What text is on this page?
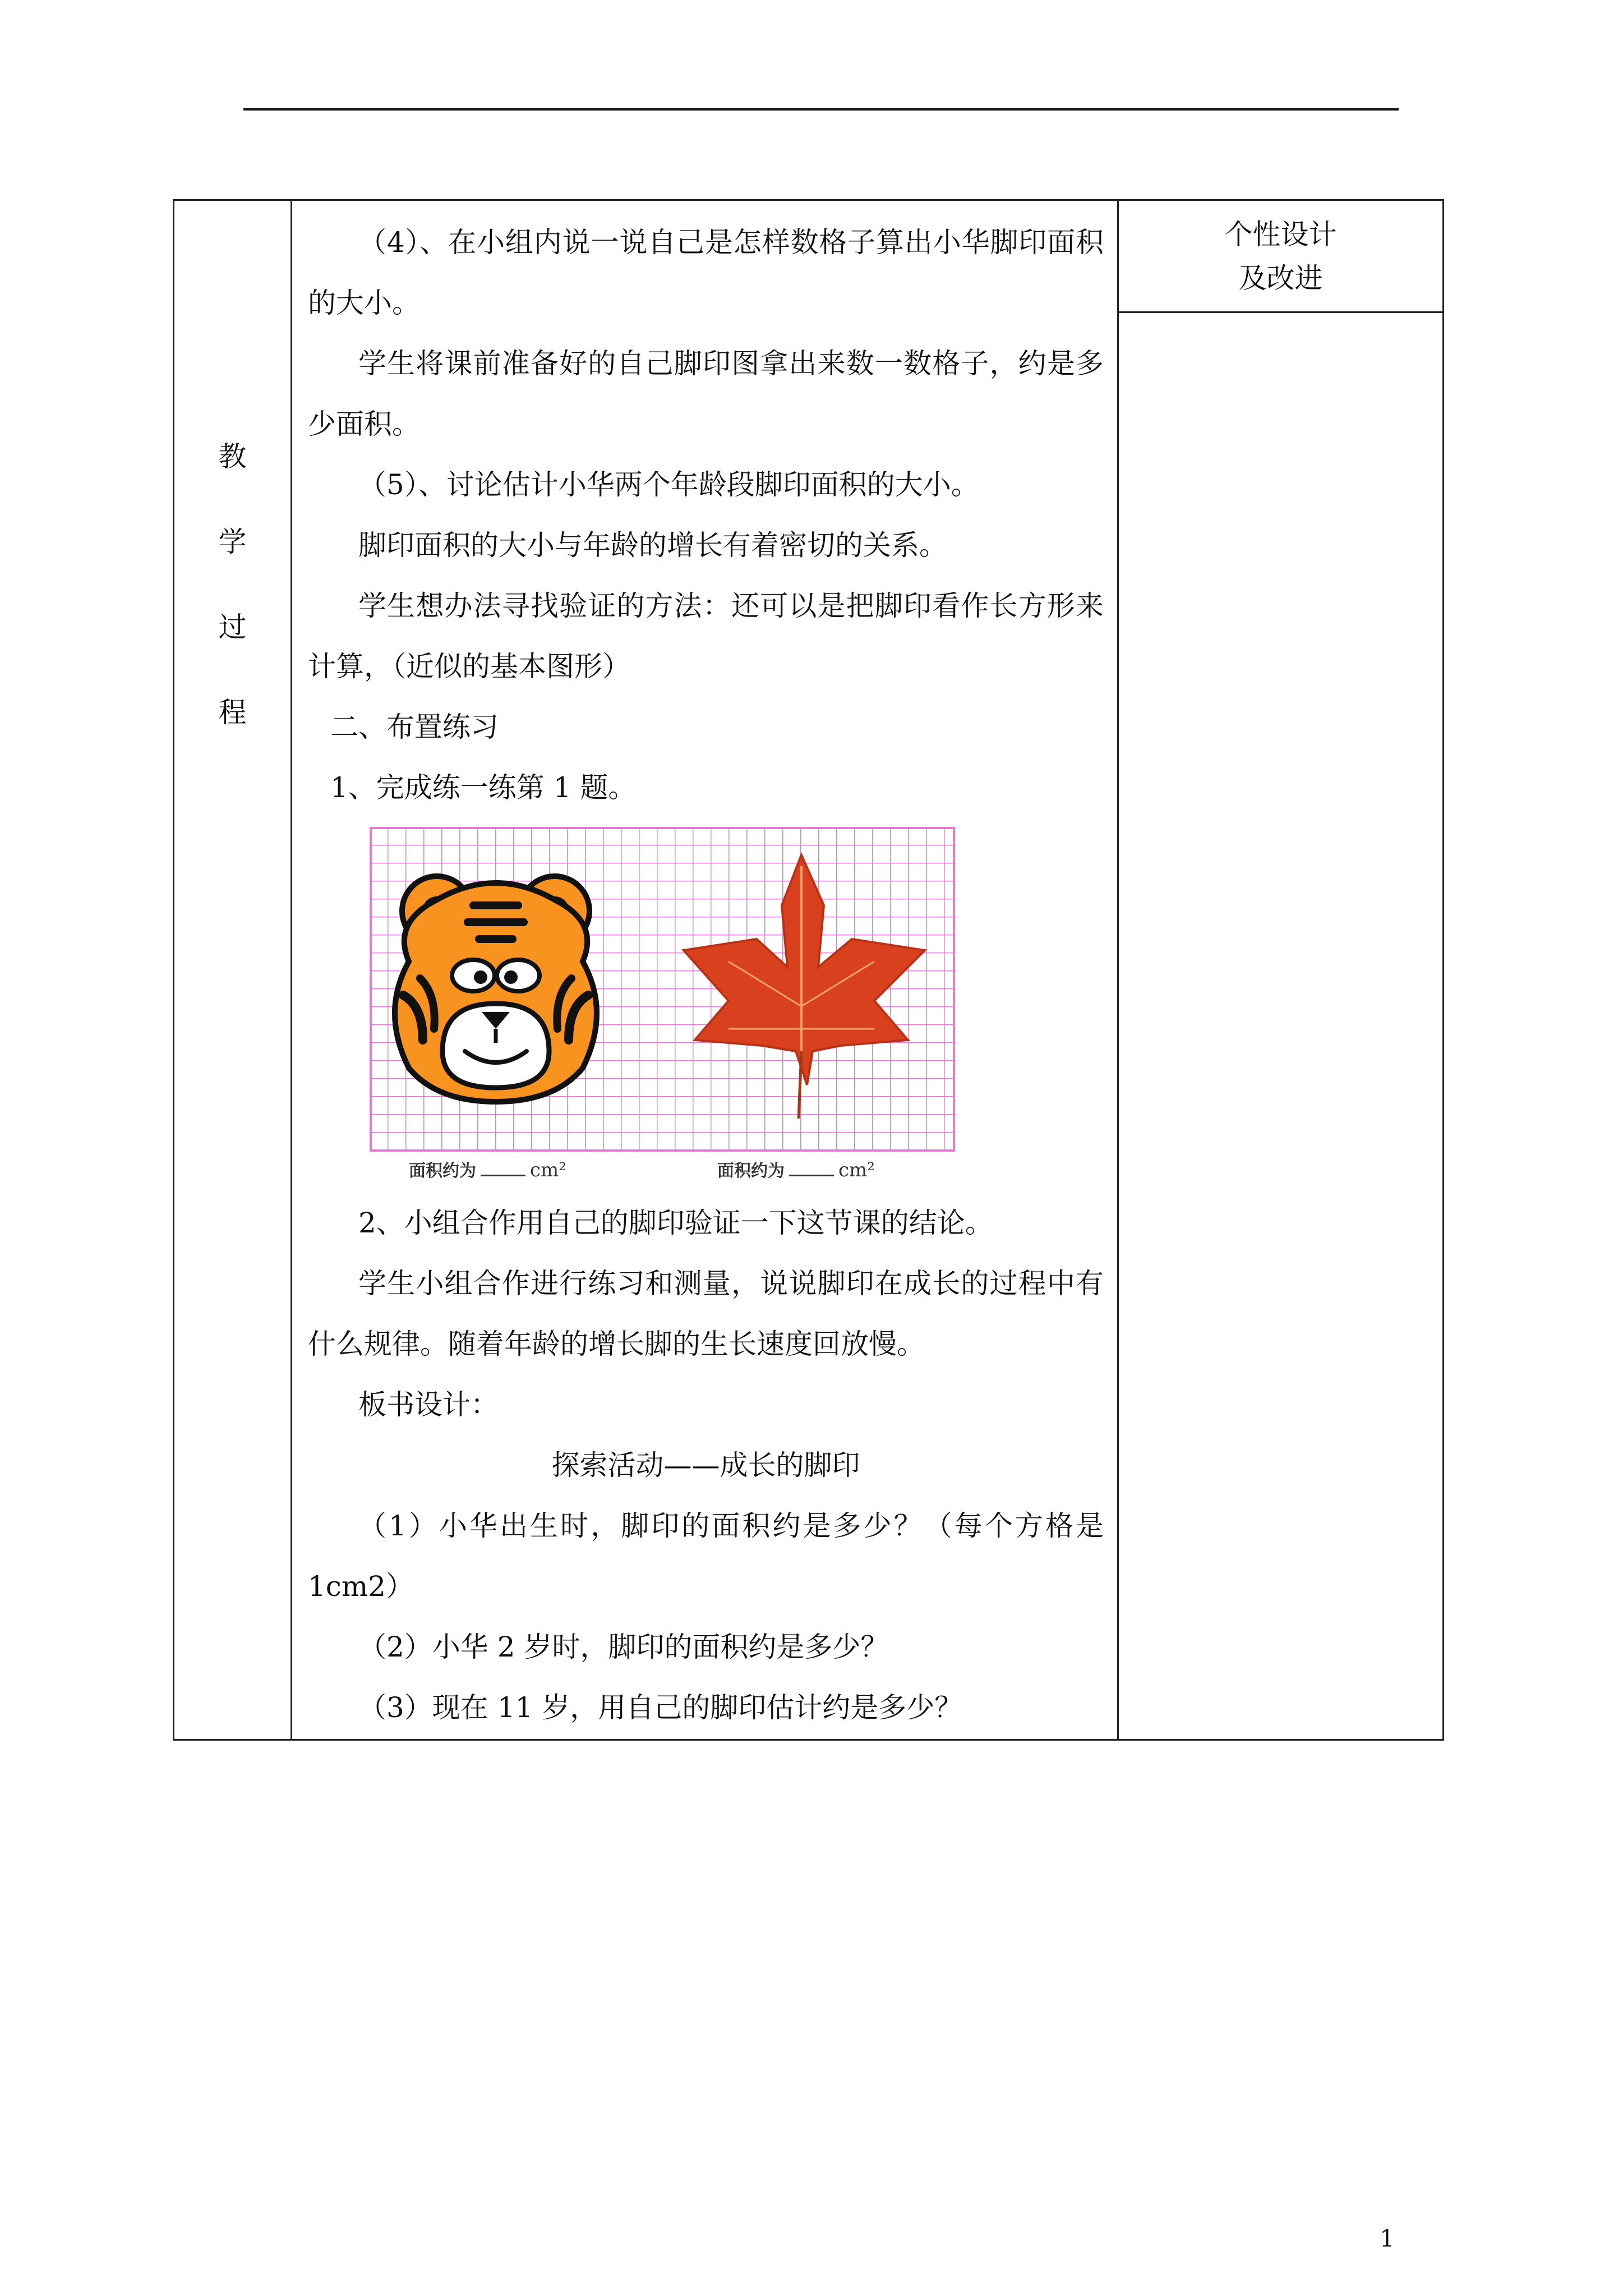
教
学
过
程

（4）、在小组内说一说自己是怎样数格子算出小华脚印面积的大小。

学生将课前准备好的自己脚印图拿出来数一数格子，约是多少面积。

（5）、讨论估计小华两个年龄段脚印面积的大小。

脚印面积的大小与年龄的增长有着密切的关系。

学生想办法寻找验证的方法：还可以是把脚印看作长方形来计算，（近似的基本图形）

二、布置练习

1、完成练一练第 1 题。

面积约为	cm²	面积约为	cm²

2、小组合作用自己的脚印验证一下这节课的结论。

学生小组合作进行练习和测量，说说脚印在成长的过程中有什么规律。随着年龄的增长脚的生长速度回放慢。

板书设计：

探索活动——成长的脚印

（1）小华出生时，脚印的面积约是多少？（每个方格是 1cm2）

（2）小华 2 岁时，脚印的面积约是多少？

（3）现在 11 岁，用自己的脚印估计约是多少？

个性设计
及改进
1
